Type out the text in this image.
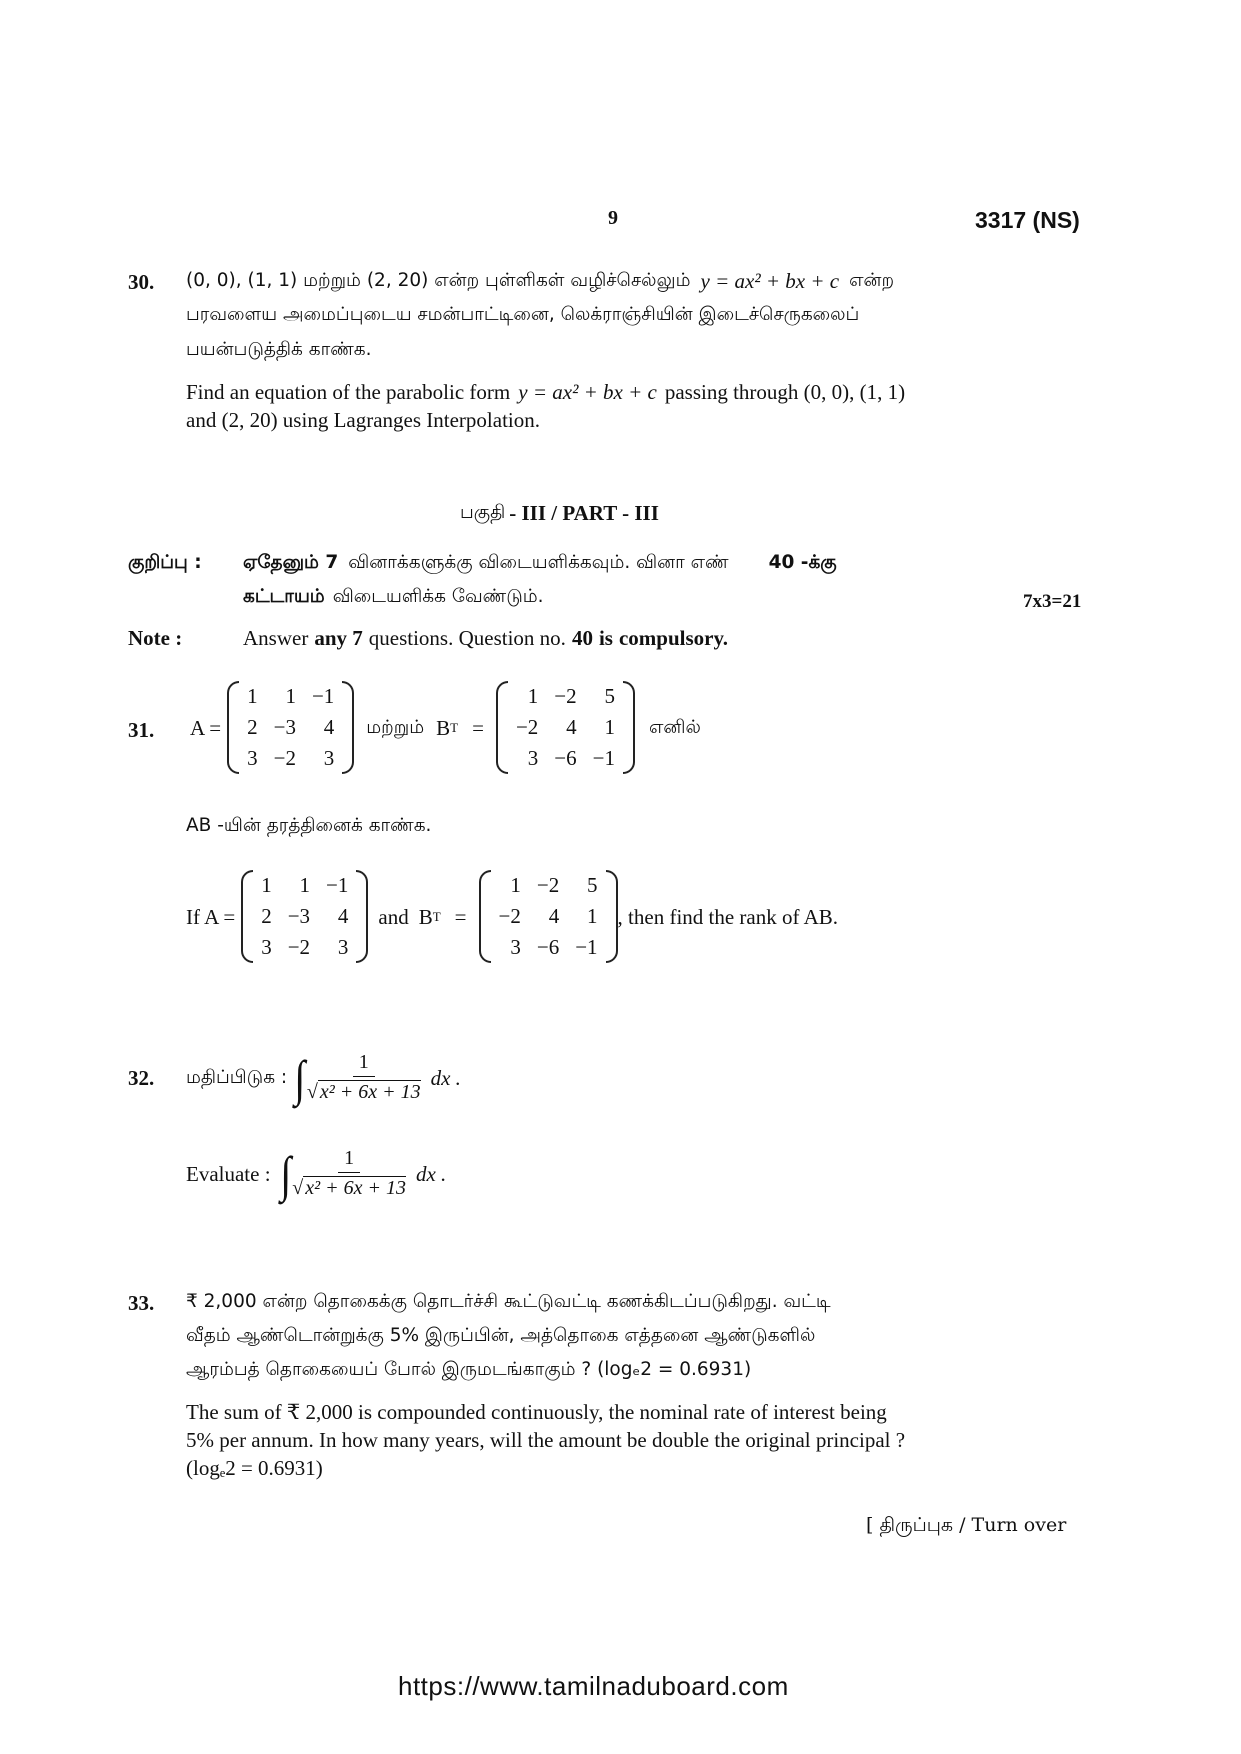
9	3317 (NS)
30. (0, 0), (1, 1) மற்றும் (2, 20) என்ற புள்ளிகள் வழிச்செல்லும் y = ax² + bx + c என்ற
பரவளைய அமைப்புடைய சமன்பாட்டினை, லெக்ராஞ்சியின் இடைச்செருகலைப்
பயன்படுத்திக் காண்க.
Find an equation of the parabolic form y = ax² + bx + c passing through (0, 0), (1, 1)
and (2, 20) using Lagranges Interpolation.
பகுதி - III / PART - III
குறிப்பு : ஏதேனும் 7 வினாக்களுக்கு விடையளிக்கவும். வினா எண் 40 -க்கு
கட்டாயம் விடையளிக்க வேண்டும்.	7x3=21
Note :	Answer any 7 questions. Question no. 40 is compulsory.
31. A =
1	1	−1
2	−3	4
3	−2	3
மற்றும் B T =
1	−2	5
−2	4	1
3	−6	−1
எனில்
AB -யின் தரத்தினைக் காண்க.
If A =
1	1	−1
2	−3	4
3	−2	3
and B T =
1	−2	5
−2	4	1
3	−6	−1
, then find the rank of AB.
32. மதிப்பிடுக : ∫ $\frac{1}{\text{√ x² + 6x + 13}}$ dx .
Evaluate : ∫ $\frac{1}{\text{√ x² + 6x + 13}}$ dx .
33. ₹ 2,000 என்ற தொகைக்கு தொடர்ச்சி கூட்டுவட்டி கணக்கிடப்படுகிறது. வட்டி
வீதம் ஆண்டொன்றுக்கு 5% இருப்பின், அத்தொகை எத்தனை ஆண்டுகளில்
ஆரம்பத் தொகையைப் போல் இருமடங்காகும் ? (logₑ2 = 0.6931)
The sum of ₹ 2,000 is compounded continuously, the nominal rate of interest being
5% per annum. In how many years, will the amount be double the original principal ?
(logₑ2 = 0.6931)
[ திருப்புக / Turn over
https://www.tamilnaduboard.com
